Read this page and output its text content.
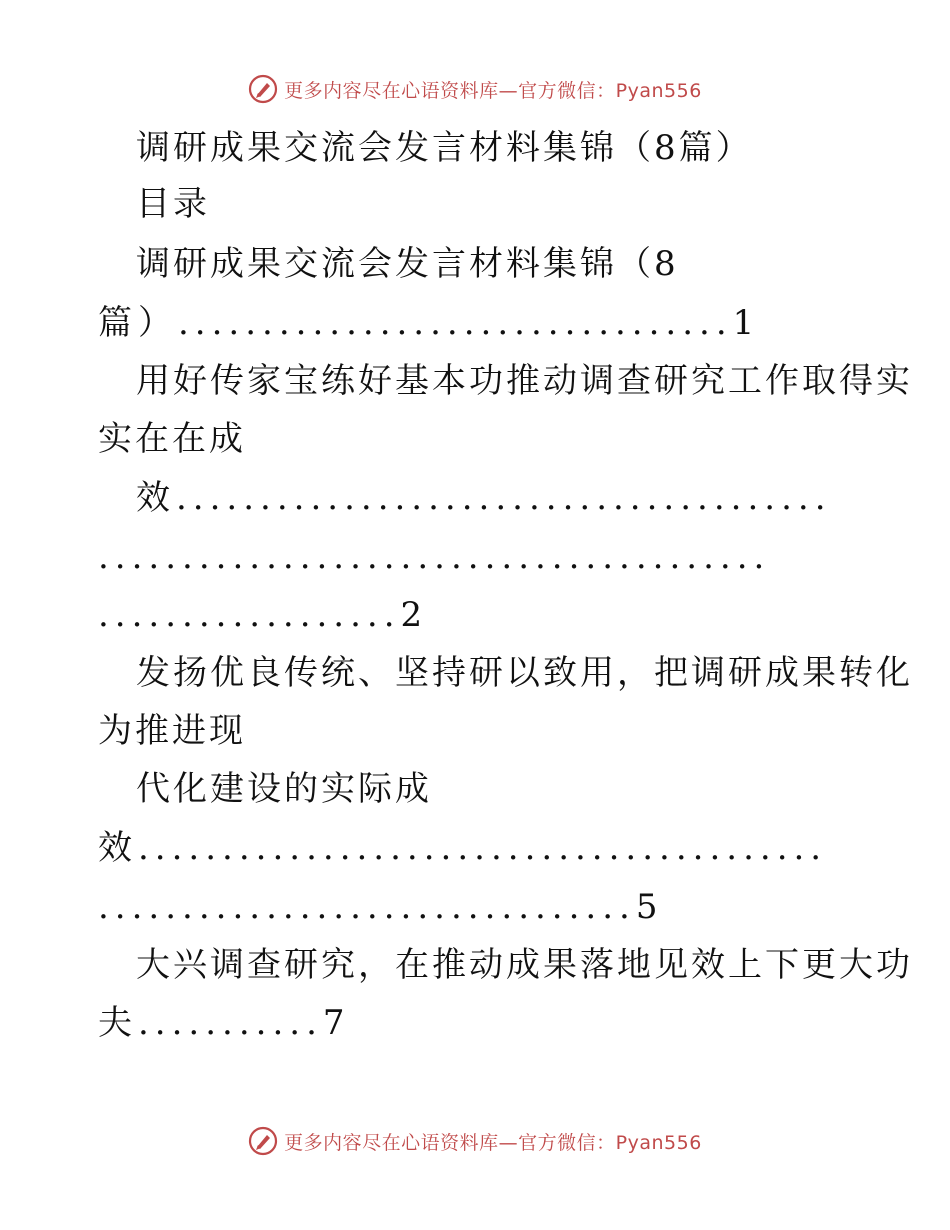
更多内容尽在心语资料库—官方微信：Pyan556
调研成果交流会发言材料集锦（8篇）
目录
调研成果交流会发言材料集锦（8
篇）.................................1
用好传家宝练好基本功推动调查研究工作取得实
实在在成
效.......................................
........................................
..................2
发扬优良传统、坚持研以致用，把调研成果转化
为推进现
代化建设的实际成
效.........................................
................................5
大兴调查研究，在推动成果落地见效上下更大功
夫...........7
更多内容尽在心语资料库—官方微信：Pyan556
